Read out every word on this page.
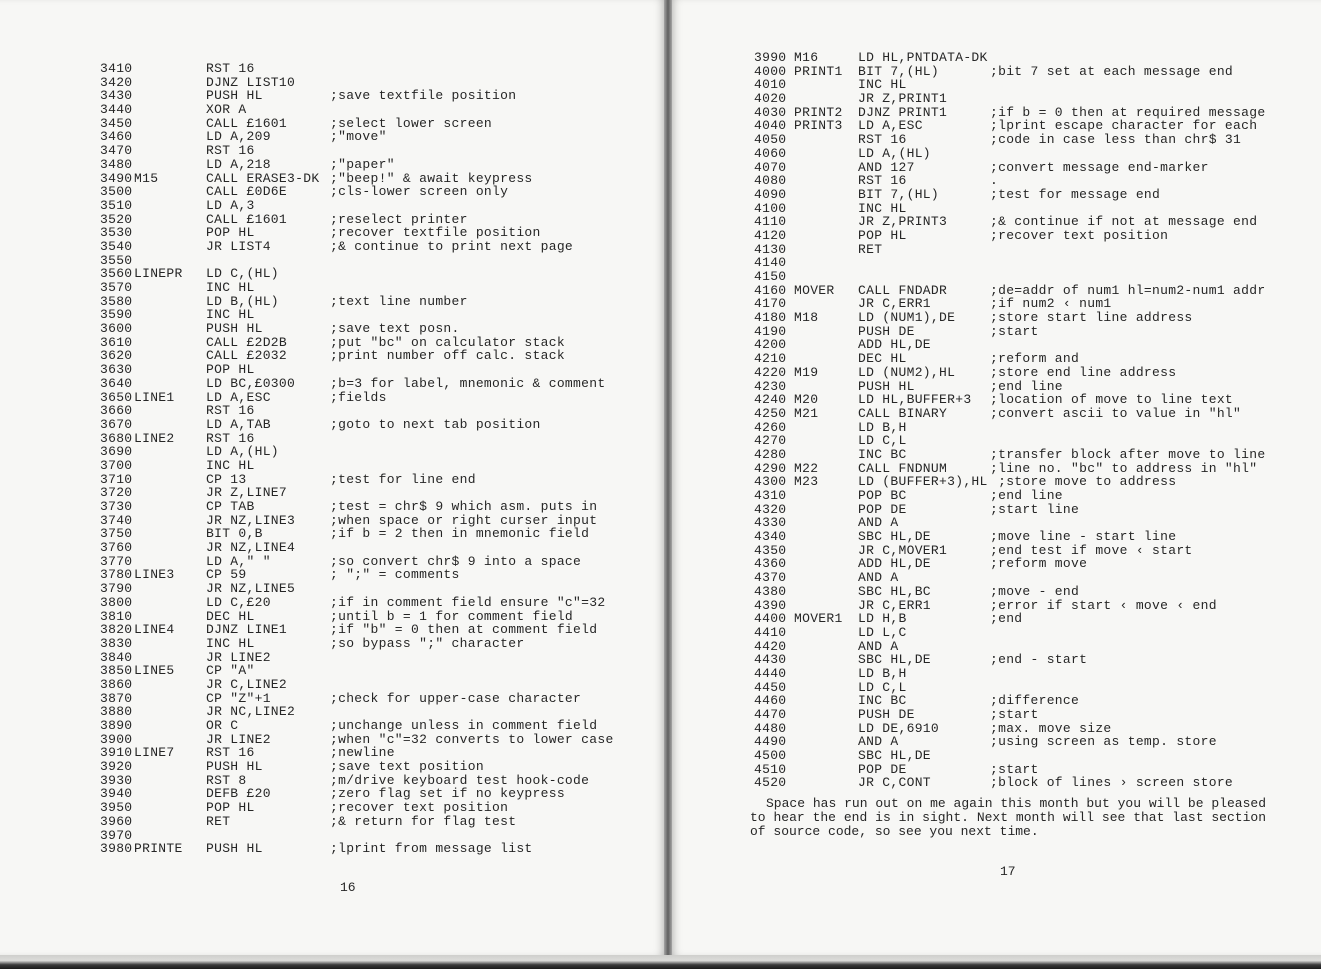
3410	RST 16
3420	DJNZ LIST10
3430	PUSH HL	;save textfile position
3440	XOR A
3450	CALL £1601	;select lower screen
3460	LD A,209	;"move"
3470	RST 16
3480	LD A,218	;"paper"
3490 M15	CALL ERASE3-DK ;"beep!" & await keypress
3500	CALL £0D6E	;cls-lower screen only
3510	LD A,3
3520	CALL £1601	;reselect printer
3530	POP HL	;recover textfile position
3540	JR LIST4	;& continue to print next page
3550
3560 LINEPR LD C,(HL)
3570	INC HL
3580	LD B,(HL)	;text line number
3590	INC HL
3600	PUSH HL	;save text posn.
3610	CALL £2D2B	;put "bc" on calculator stack
3620	CALL £2032	;print number off calc. stack
3630	POP HL
3640	LD BC,£0300	;b=3 for label, mnemonic & comment
3650 LINE1 LD A,ESC	;fields
3660	RST 16
3670	LD A,TAB	;goto to next tab position
3680 LINE2 RST 16
3690	LD A,(HL)
3700	INC HL
3710	CP 13	;test for line end
3720	JR Z,LINE7
3730	CP TAB	;test = chr$ 9 which asm. puts in
3740	JR NZ,LINE3	;when space or right curser input
3750	BIT 0,B	;if b = 2 then in mnemonic field
3760	JR NZ,LINE4
3770	LD A," "	;so convert chr$ 9 into a space
3780 LINE3 CP 59	; ";" = comments
3790	JR NZ,LINE5
3800	LD C,£20	;if in comment field ensure "c"=32
3810	DEC HL	;until b = 1 for comment field
3820 LINE4 DJNZ LINE1	;if "b" = 0 then at comment field
3830	INC HL	;so bypass ";" character
3840	JR LINE2
3850 LINE5 CP "A"
3860	JR C,LINE2
3870	CP "Z"+1	;check for upper-case character
3880	JR NC,LINE2
3890	OR C	;unchange unless in comment field
3900	JR LINE2	;when "c"=32 converts to lower case
3910 LINE7 RST 16	;newline
3920	PUSH HL	;save text position
3930	RST 8	;m/drive keyboard test hook-code
3940	DEFB £20	;zero flag set if no keypress
3950	POP HL	;recover text position
3960	RET	;& return for flag test
3970
3980 PRINTE PUSH HL	;lprint from message list
16
3990 M16	LD HL,PNTDATA-DK
4000 PRINT1 BIT 7,(HL)	;bit 7 set at each message end
4010	INC HL
4020	JR Z,PRINT1
4030 PRINT2 DJNZ PRINT1	;if b = 0 then at required message
4040 PRINT3 LD A,ESC	;lprint escape character for each
4050	RST 16	;code in case less than chr$ 31
4060	LD A,(HL)
4070	AND 127	;convert message end-marker
4080	RST 16	.
4090	BIT 7,(HL)	;test for message end
4100	INC HL
4110	JR Z,PRINT3	;& continue if not at message end
4120	POP HL	;recover text position
4130	RET
4140
4150
4160 MOVER CALL FNDADR	;de=addr of num1 hl=num2-num1 addr
4170	JR C,ERR1	;if num2 ‹ num1
4180 M18	LD (NUM1),DE	;store start line address
4190	PUSH DE	;start
4200	ADD HL,DE
4210	DEC HL	;reform and
4220 M19	LD (NUM2),HL	;store end line address
4230	PUSH HL	;end line
4240 M20	LD HL,BUFFER+3 ;location of move to line text
4250 M21	CALL BINARY	;convert ascii to value in "hl"
4260	LD B,H
4270	LD C,L
4280	INC BC	;transfer block after move to line
4290 M22	CALL FNDNUM	;line no. "bc" to address in "hl"
4300 M23	LD (BUFFER+3),HL ;store move to address
4310	POP BC	;end line
4320	POP DE	;start line
4330	AND A
4340	SBC HL,DE	;move line - start line
4350	JR C,MOVER1	;end test if move ‹ start
4360	ADD HL,DE	;reform move
4370	AND A
4380	SBC HL,BC	;move - end
4390	JR C,ERR1	;error if start ‹ move ‹ end
4400 MOVER1 LD H,B	;end
4410	LD L,C
4420	AND A
4430	SBC HL,DE	;end - start
4440	LD B,H
4450	LD C,L
4460	INC BC	;difference
4470	PUSH DE	;start
4480	LD DE,6910	;max. move size
4490	AND A	;using screen as temp. store
4500	SBC HL,DE
4510	POP DE	;start
4520	JR C,CONT	;block of lines › screen store

Space has run out on me again this month but you will be pleased to hear the end is in sight. Next month will see that last section of source code, so see you next time.

17
